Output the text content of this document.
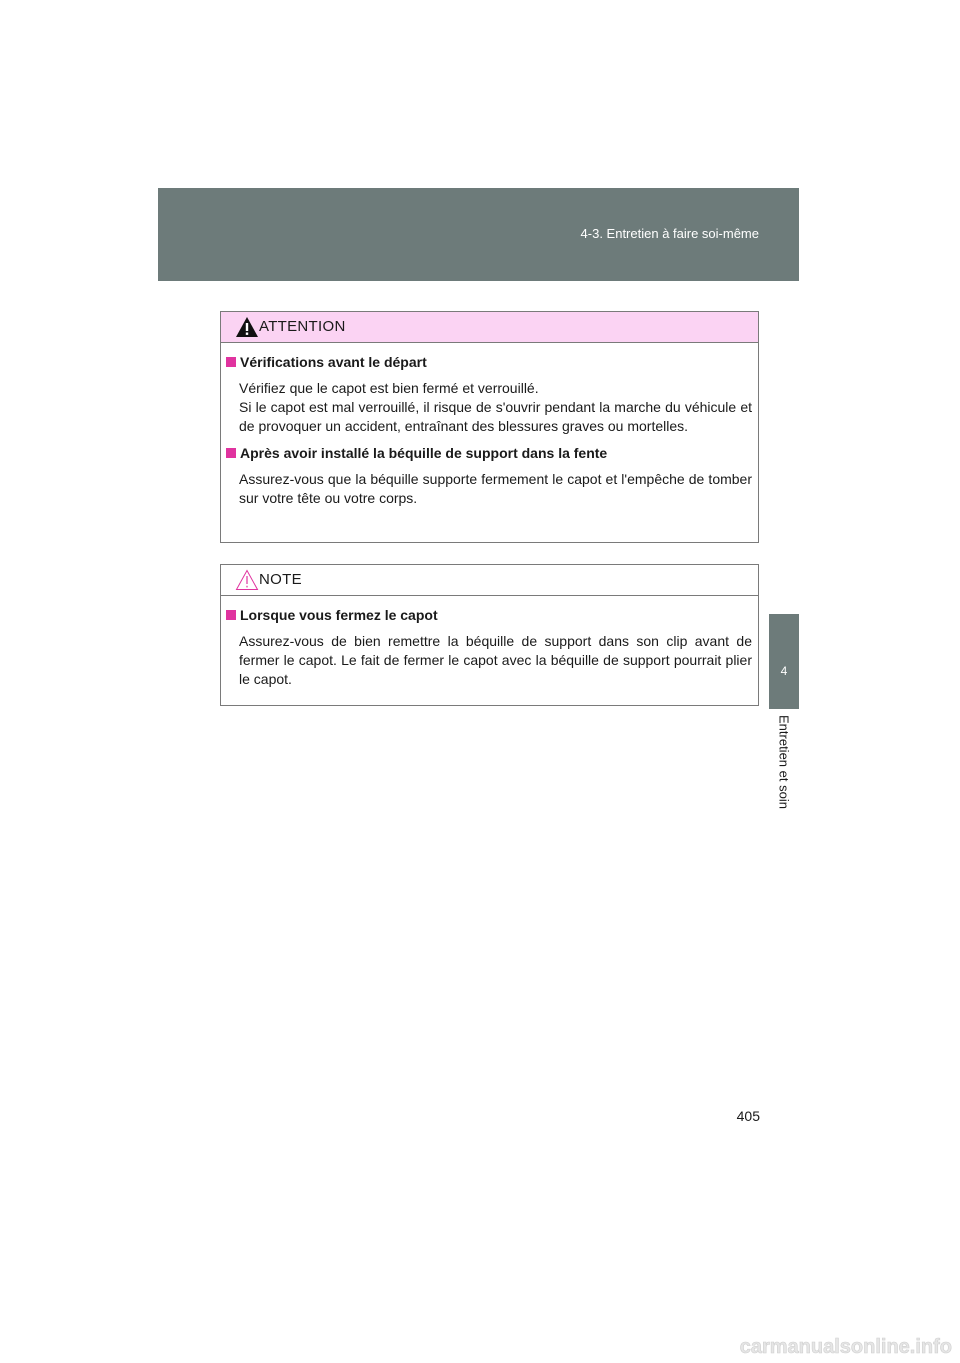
4-3. Entretien à faire soi-même
4
Entretien et soin
ATTENTION
Vérifications avant le départ

Vérifiez que le capot est bien fermé et verrouillé.
Si le capot est mal verrouillé, il risque de s'ouvrir pendant la marche du véhicule et de provoquer un accident, entraînant des blessures graves ou mortelles.

Après avoir installé la béquille de support dans la fente

Assurez-vous que la béquille supporte fermement le capot et l'empêche de tomber sur votre tête ou votre corps.

NOTE
Lorsque vous fermez le capot

Assurez-vous de bien remettre la béquille de support dans son clip avant de fermer le capot. Le fait de fermer le capot avec la béquille de support pourrait plier le capot.

405
carmanualsonline.info
